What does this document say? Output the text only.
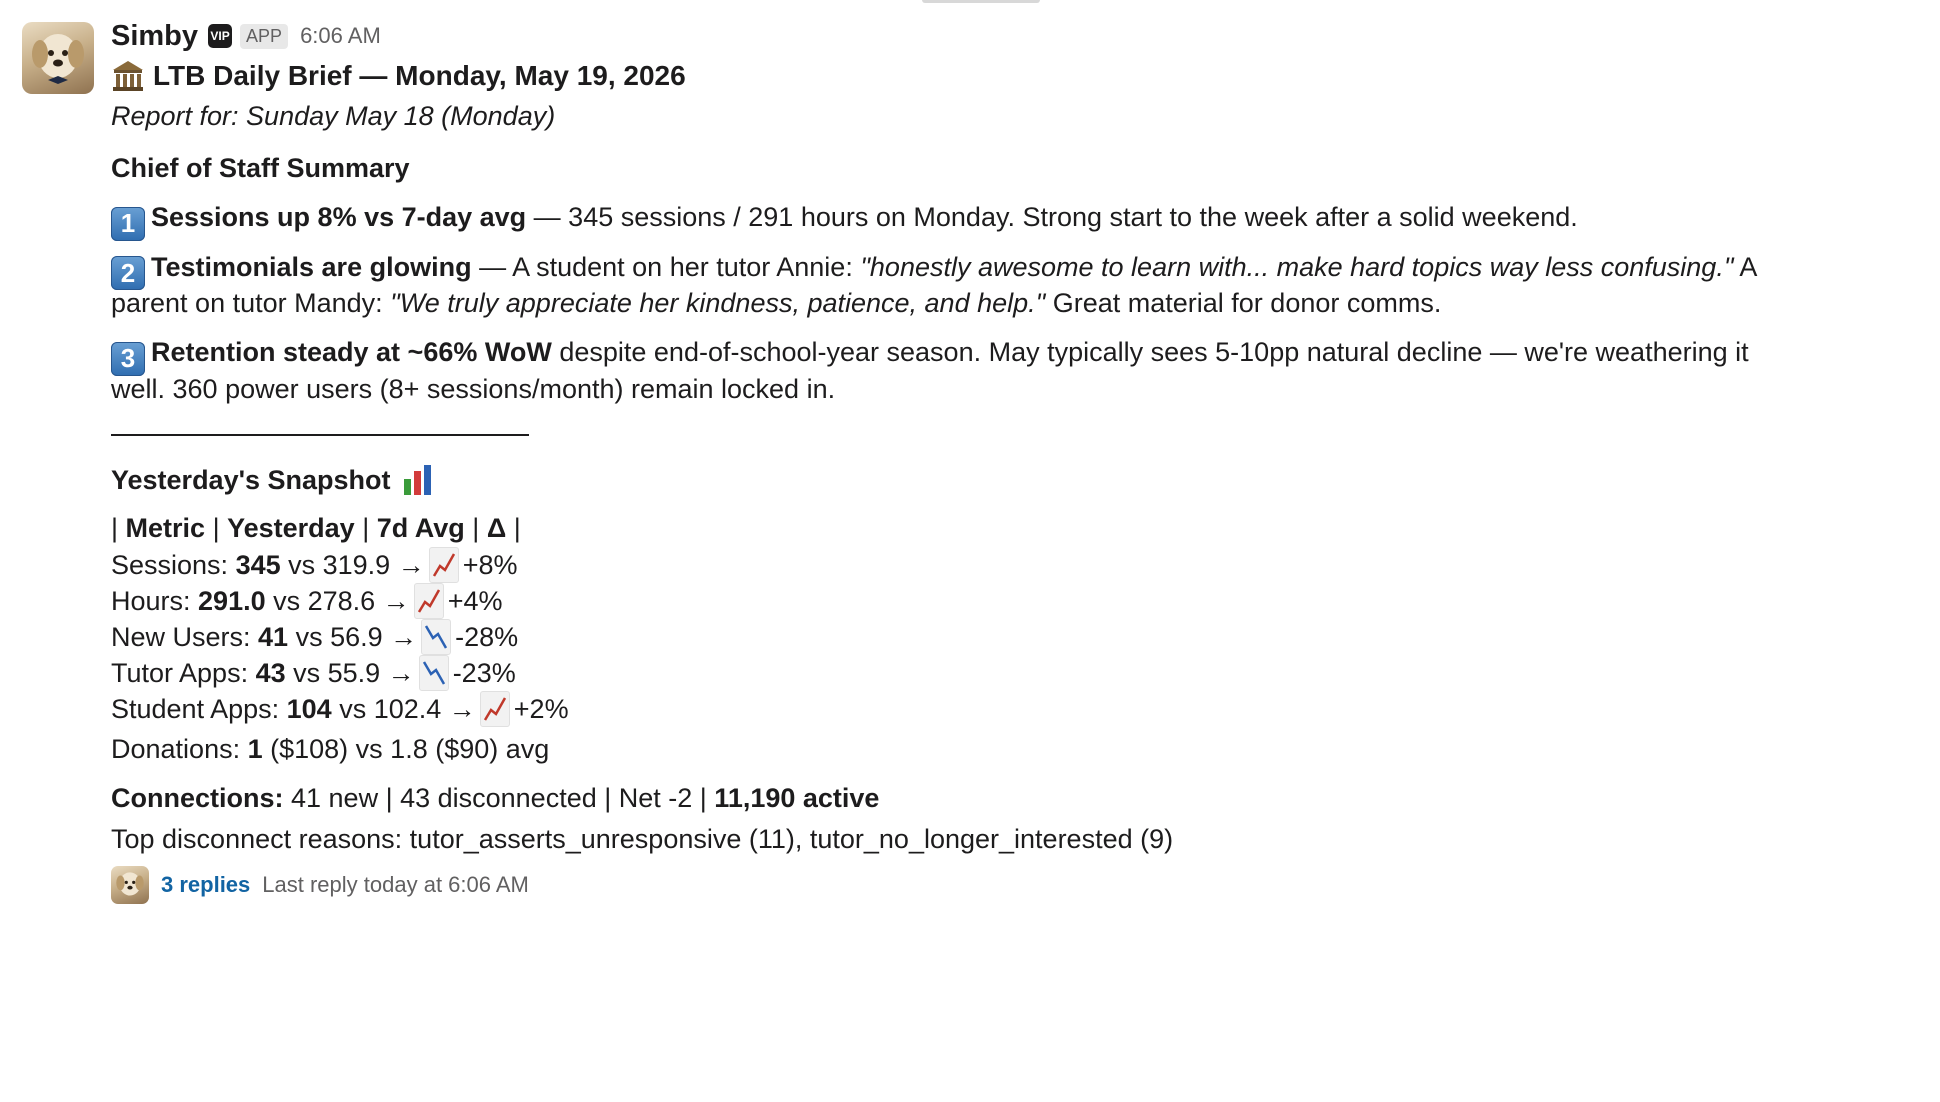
Simby VIP APP 6:06 AM
LTB Daily Brief — Monday, May 19, 2026
Report for: Sunday May 18 (Monday)
Chief of Staff Summary
1 Sessions up 8% vs 7-day avg — 345 sessions / 291 hours on Monday. Strong start to the week after a solid weekend.
2 Testimonials are glowing — A student on her tutor Annie: "honestly awesome to learn with... make hard topics way less confusing." A
parent on tutor Mandy: "We truly appreciate her kindness, patience, and help." Great material for donor comms.
3 Retention steady at ~66% WoW despite end-of-school-year season. May typically sees 5-10pp natural decline — we're weathering it
well. 360 power users (8+ sessions/month) remain locked in.
Yesterday's Snapshot
| Metric | Yesterday | 7d Avg | Δ |
Sessions: 345 vs 319.9 → +8%
Hours: 291.0 vs 278.6 → +4%
New Users: 41 vs 56.9 → -28%
Tutor Apps: 43 vs 55.9 → -23%
Student Apps: 104 vs 102.4 → +2%
Donations: 1 ($108) vs 1.8 ($90) avg
Connections: 41 new | 43 disconnected | Net -2 | 11,190 active
Top disconnect reasons: tutor_asserts_unresponsive (11), tutor_no_longer_interested (9)
3 replies Last reply today at 6:06 AM
